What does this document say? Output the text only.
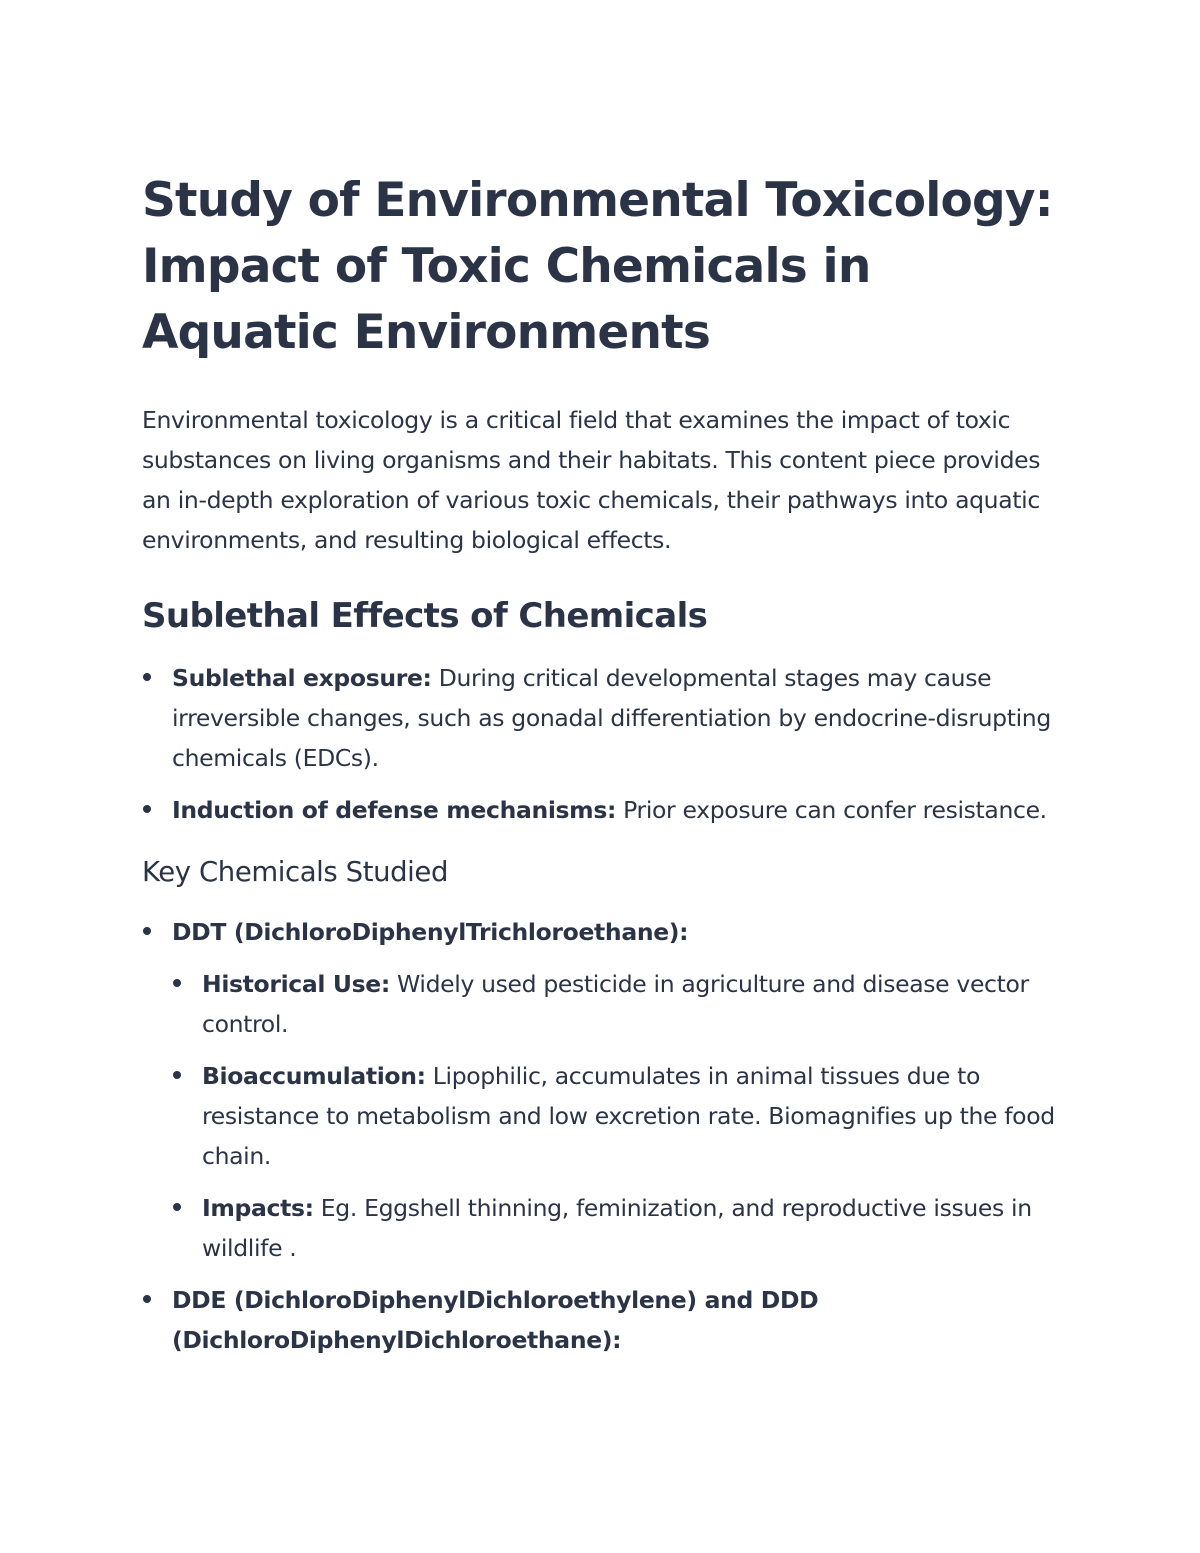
Study of Environmental Toxicology: Impact of Toxic Chemicals in Aquatic Environments

Environmental toxicology is a critical field that examines the impact of toxic substances on living organisms and their habitats. This content piece provides an in-depth exploration of various toxic chemicals, their pathways into aquatic environments, and resulting biological effects.

Sublethal Effects of Chemicals
Sublethal exposure: During critical developmental stages may cause irreversible changes, such as gonadal differentiation by endocrine-disrupting chemicals (EDCs).
Induction of defense mechanisms: Prior exposure can confer resistance.
Key Chemicals Studied
DDT (DichloroDiphenylTrichloroethane):
Historical Use: Widely used pesticide in agriculture and disease vector control.
Bioaccumulation: Lipophilic, accumulates in animal tissues due to resistance to metabolism and low excretion rate. Biomagnifies up the food chain.
Impacts: Eg. Eggshell thinning, feminization, and reproductive issues in wildlife .
DDE (DichloroDiphenylDichloroethylene) and DDD (DichloroDiphenylDichloroethane):
